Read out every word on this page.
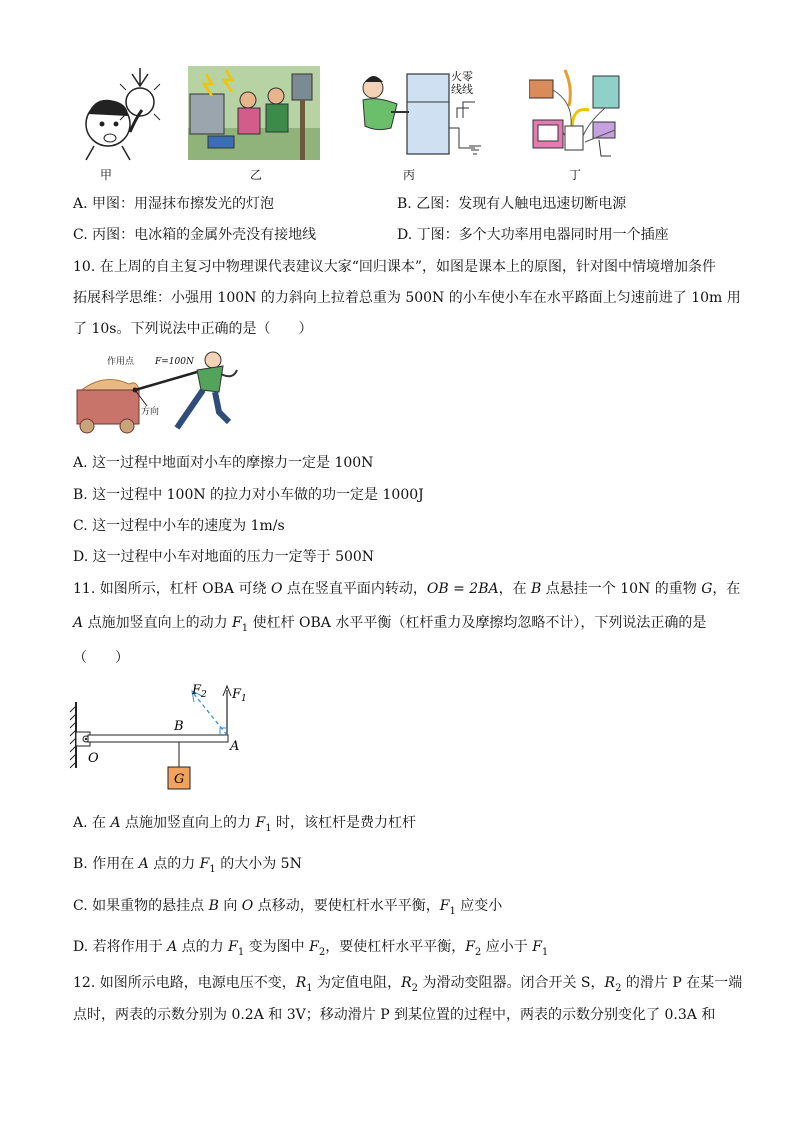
火零
线线
甲	乙	丙	丁
A. 甲图：用湿抹布擦发光的灯泡	B. 乙图：发现有人触电迅速切断电源
C. 丙图：电冰箱的金属外壳没有接地线	D. 丁图：多个大功率用电器同时用一个插座
10. 在上周的自主复习中物理课代表建议大家“回归课本”，如图是课本上的原图，针对图中情境增加条件
拓展科学思维：小强用 100N 的力斜向上拉着总重为 500N 的小车使小车在水平路面上匀速前进了 10m 用
了 10s。下列说法中正确的是（　　）
作用点 F=100N
方向
A. 这一过程中地面对小车的摩擦力一定是 100N
B. 这一过程中 100N 的拉力对小车做的功一定是 1000J
C. 这一过程中小车的速度为 1m/s
D. 这一过程中小车对地面的压力一定等于 500N
11. 如图所示，杠杆 OBA 可绕 O 点在竖直平面内转动，OB = 2BA，在 B 点悬挂一个 10N 的重物 G，在
A 点施加竖直向上的动力 $F_1$ 使杠杆 OBA 水平平衡（杠杆重力及摩擦均忽略不计），下列说法正确的是
（　　）
$F_2$ $F_1$
B
A
O
G
A. 在 A 点施加竖直向上的力 $F_1$ 时，该杠杆是费力杠杆
B. 作用在 A 点的力 $F_1$ 的大小为 5N
C. 如果重物的悬挂点 B 向 O 点移动，要使杠杆水平平衡，$F_1$ 应变小
D. 若将作用于 A 点的力 $F_1$ 变为图中 $F_2$，要使杠杆水平平衡，$F_2$ 应小于 $F_1$
12. 如图所示电路，电源电压不变，$R_1$ 为定值电阻，$R_2$ 为滑动变阻器。闭合开关 S，$R_2$ 的滑片 P 在某一端
点时，两表的示数分别为 0.2A 和 3V；移动滑片 P 到某位置的过程中，两表的示数分别变化了 0.3A 和
